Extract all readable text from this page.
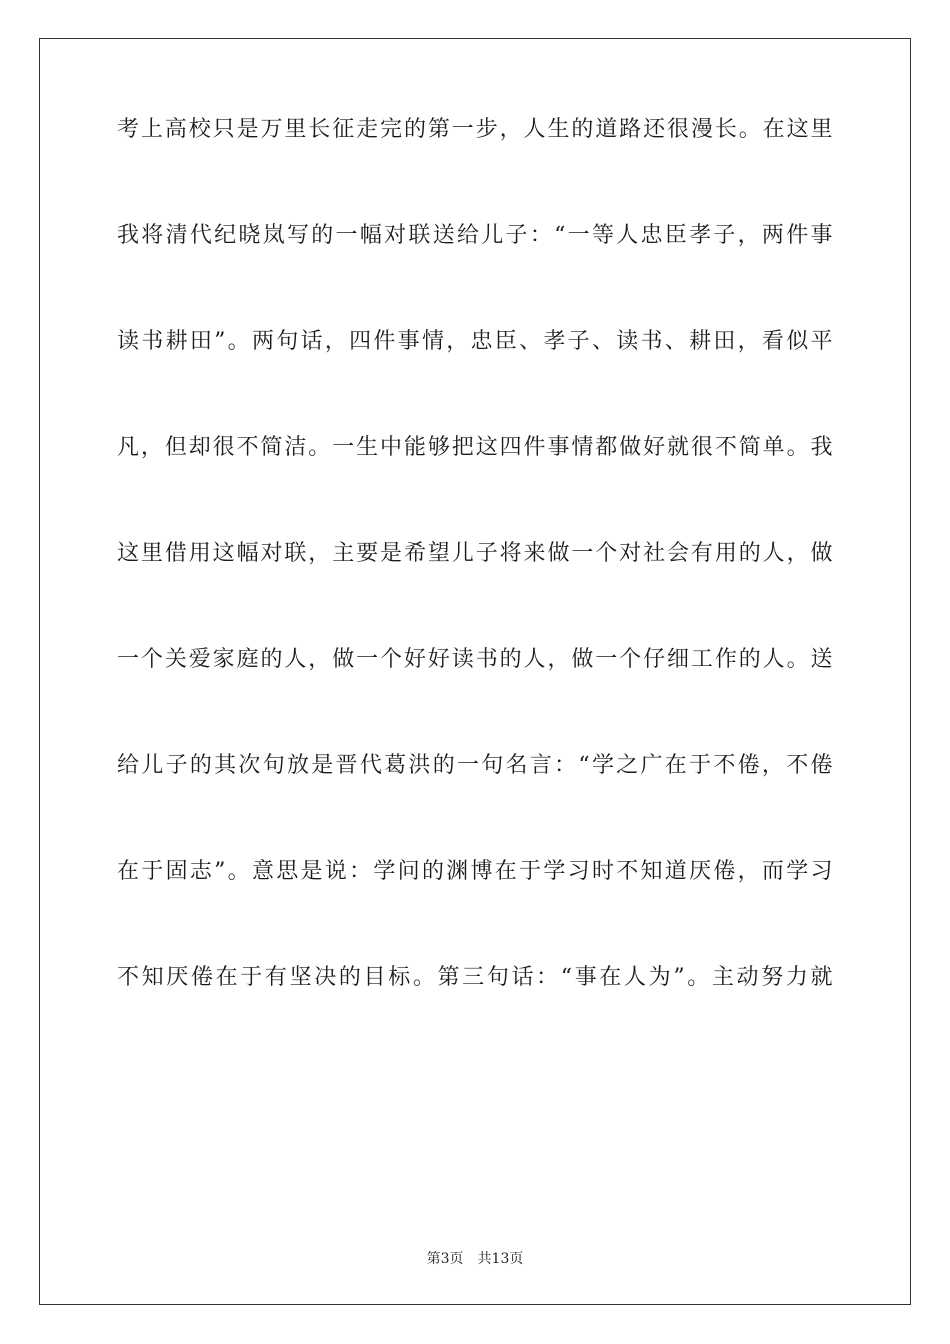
考上高校只是万里长征走完的第一步，人生的道路还很漫长。在这里
我将清代纪晓岚写的一幅对联送给儿子：“一等人忠臣孝子，两件事
读书耕田”。两句话，四件事情，忠臣、孝子、读书、耕田，看似平
凡，但却很不简洁。一生中能够把这四件事情都做好就很不简单。我
这里借用这幅对联，主要是希望儿子将来做一个对社会有用的人，做
一个关爱家庭的人，做一个好好读书的人，做一个仔细工作的人。送
给儿子的其次句放是晋代葛洪的一句名言：“学之广在于不倦，不倦
在于固志”。意思是说：学问的渊博在于学习时不知道厌倦，而学习
不知厌倦在于有坚决的目标。第三句话：“事在人为”。主动努力就
第3页 共13页
